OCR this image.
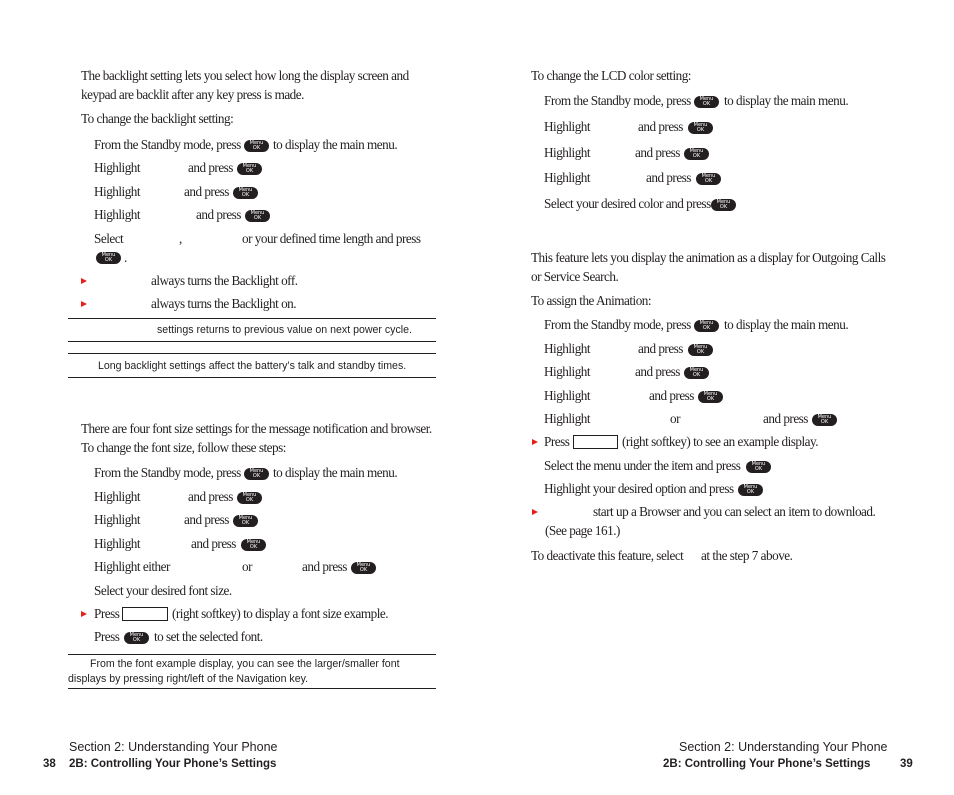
The backlight setting lets you select how long the display screen and
keypad are backlit after any key press is made.
To change the backlight setting:
From the Standby mode, press	Menu
OK to display the main menu.
Highlight	and press	Menu
OK
Highlight	and press	Menu
OK
Highlight	and press	Menu
OK
Select	,	or your defined time length and press
Menu
OK .
always turns the Backlight off.
always turns the Backlight on.
settings returns to previous value on next power cycle.
Long backlight settings affect the battery’s talk and standby times.
There are four font size settings for the message notification and browser.
To change the font size, follow these steps:
From the Standby mode, press	Menu
OK to display the main menu.
Highlight	and press	Menu
OK
Highlight	and press	Menu
OK
Highlight	and press	Menu
OK
Highlight either	or	and press	Menu
OK
Select your desired font size.
Press	(right softkey) to display a font size example.
Press	Menu
OK	to set the selected font.
From the font example display, you can see the larger/smaller font
displays by pressing right/left of the Navigation key.
Section 2: Understanding Your Phone
38 2B: Controlling Your Phone’s Settings
To change the LCD color setting:
From the Standby mode, press	Menu
OK	to display the main menu.
Highlight	and press	Menu
OK
Highlight	and press	Menu
OK
Highlight	and press	Menu
OK
Select your desired color and press	Menu
OK
This feature lets you display the animation as a display for Outgoing Calls
or Service Search.
To assign the Animation:
From the Standby mode, press	Menu
OK	to display the main menu.
Highlight	and press	Menu
OK
Highlight	and press	Menu
OK
Highlight	and press	Menu
OK
Highlight	or	and press	Menu
OK
Press	(right softkey) to see an example display.
Select the menu under the item and press	Menu
OK
Highlight your desired option and press	Menu
OK
start up a Browser and you can select an item to download.
(See page 161.)
To deactivate this feature, select at the step 7 above.
Section 2: Understanding Your Phone
2B: Controlling Your Phone’s Settings	39
